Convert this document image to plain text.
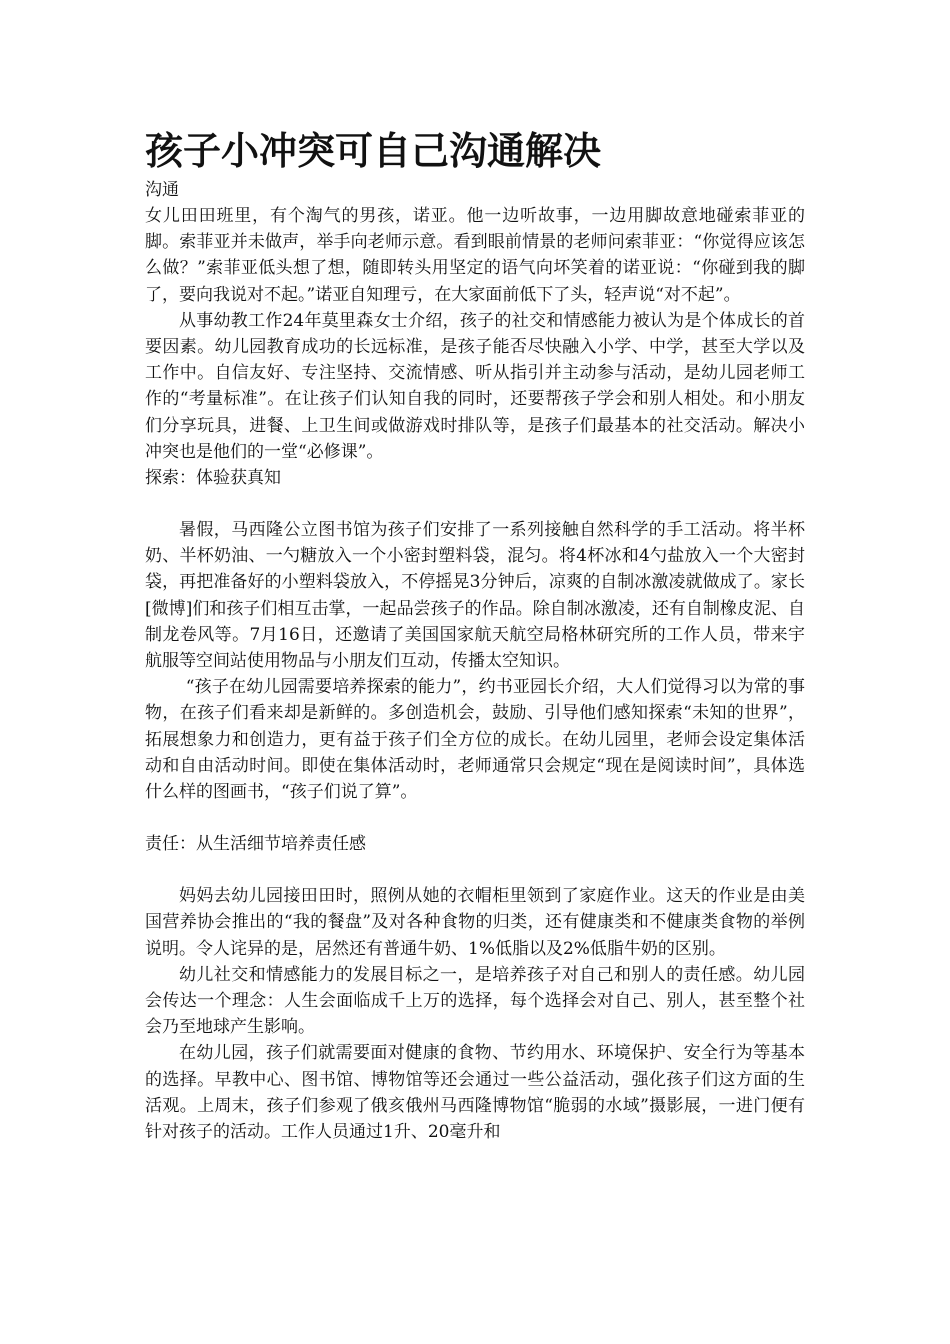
孩子小冲突可自己沟通解决

沟通

女儿田田班里，有个淘气的男孩，诺亚。他一边听故事，一边用脚故意地碰索菲亚的脚。索菲亚并未做声，举手向老师示意。看到眼前情景的老师问索菲亚：“你觉得应该怎么做？”索菲亚低头想了想，随即转头用坚定的语气向坏笑着的诺亚说：“你碰到我的脚了，要向我说对不起。”诺亚自知理亏，在大家面前低下了头，轻声说“对不起”。

从事幼教工作24年莫里森女士介绍，孩子的社交和情感能力被认为是个体成长的首要因素。幼儿园教育成功的长远标准，是孩子能否尽快融入小学、中学，甚至大学以及工作中。自信友好、专注坚持、交流情感、听从指引并主动参与活动，是幼儿园老师工作的“考量标准”。在让孩子们认知自我的同时，还要帮孩子学会和别人相处。和小朋友们分享玩具，进餐、上卫生间或做游戏时排队等，是孩子们最基本的社交活动。解决小冲突也是他们的一堂“必修课”。

探索：体验获真知

暑假，马西隆公立图书馆为孩子们安排了一系列接触自然科学的手工活动。将半杯奶、半杯奶油、一勺糖放入一个小密封塑料袋，混匀。将4杯冰和4勺盐放入一个大密封袋，再把准备好的小塑料袋放入，不停摇晃3分钟后，凉爽的自制冰激凌就做成了。家长[微博]们和孩子们相互击掌，一起品尝孩子的作品。除自制冰激凌，还有自制橡皮泥、自制龙卷风等。7月16日，还邀请了美国国家航天航空局格林研究所的工作人员，带来宇航服等空间站使用物品与小朋友们互动，传播太空知识。

“孩子在幼儿园需要培养探索的能力”，约书亚园长介绍，大人们觉得习以为常的事物，在孩子们看来却是新鲜的。多创造机会，鼓励、引导他们感知探索“未知的世界”，拓展想象力和创造力，更有益于孩子们全方位的成长。在幼儿园里，老师会设定集体活动和自由活动时间。即使在集体活动时，老师通常只会规定“现在是阅读时间”，具体选什么样的图画书，“孩子们说了算”。

责任：从生活细节培养责任感

妈妈去幼儿园接田田时，照例从她的衣帽柜里领到了家庭作业。这天的作业是由美国营养协会推出的“我的餐盘”及对各种食物的归类，还有健康类和不健康类食物的举例说明。令人诧异的是，居然还有普通牛奶、1%低脂以及2%低脂牛奶的区别。

幼儿社交和情感能力的发展目标之一，是培养孩子对自己和别人的责任感。幼儿园会传达一个理念：人生会面临成千上万的选择，每个选择会对自己、别人，甚至整个社会乃至地球产生影响。

在幼儿园，孩子们就需要面对健康的食物、节约用水、环境保护、安全行为等基本的选择。早教中心、图书馆、博物馆等还会通过一些公益活动，强化孩子们这方面的生活观。上周末，孩子们参观了俄亥俄州马西隆博物馆“脆弱的水域”摄影展，一进门便有针对孩子的活动。工作人员通过1升、20毫升和
